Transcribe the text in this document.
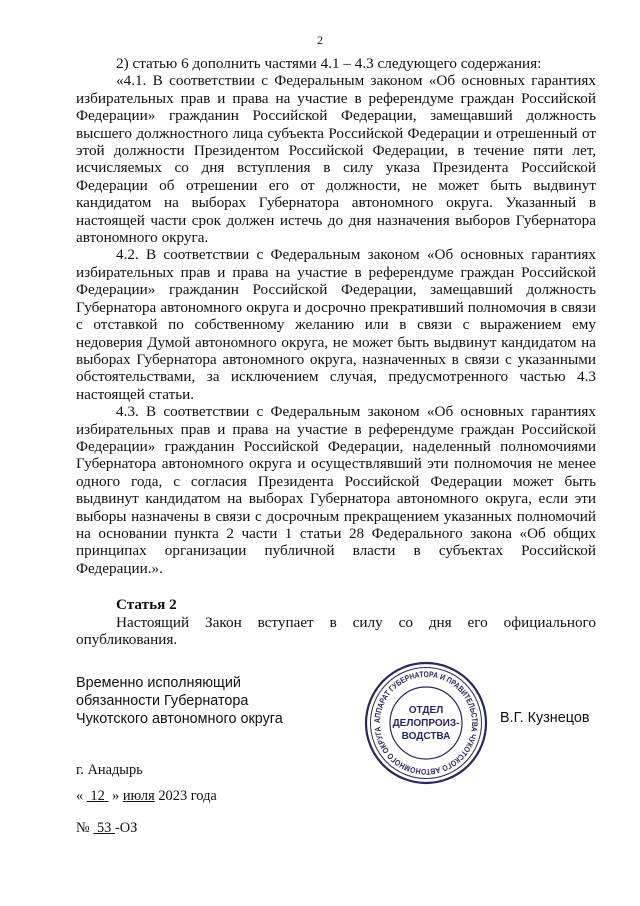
2

2) статью 6 дополнить частями 4.1 – 4.3 следующего содержания:

«4.1. В соответствии с Федеральным законом «Об основных гарантиях избирательных прав и права на участие в референдуме граждан Российской Федерации» гражданин Российской Федерации, замещавший должность высшего должностного лица субъекта Российской Федерации и отрешенный от этой должности Президентом Российской Федерации, в течение пяти лет, исчисляемых со дня вступления в силу указа Президента Российской Федерации об отрешении его от должности, не может быть выдвинут кандидатом на выборах Губернатора автономного округа. Указанный в настоящей части срок должен истечь до дня назначения выборов Губернатора автономного округа.

4.2. В соответствии с Федеральным законом «Об основных гарантиях избирательных прав и права на участие в референдуме граждан Российской Федерации» гражданин Российской Федерации, замещавший должность Губернатора автономного округа и досрочно прекративший полномочия в связи с отставкой по собственному желанию или в связи с выражением ему недоверия Думой автономного округа, не может быть выдвинут кандидатом на выборах Губернатора автономного округа, назначенных в связи с указанными обстоятельствами, за исключением случая, предусмотренного частью 4.3 настоящей статьи.

4.3. В соответствии с Федеральным законом «Об основных гарантиях избирательных прав и права на участие в референдуме граждан Российской Федерации» гражданин Российской Федерации, наделенный полномочиями Губернатора автономного округа и осуществлявший эти полномочия не менее одного года, с согласия Президента Российской Федерации может быть выдвинут кандидатом на выборах Губернатора автономного округа, если эти выборы назначены в связи с досрочным прекращением указанных полномочий на основании пункта 2 части 1 статьи 28 Федерального закона «Об общих принципах организации публичной власти в субъектах Российской Федерации.».

Статья 2

Настоящий Закон вступает в силу со дня его официального опубликования.

Временно исполняющий
обязанности Губернатора
Чукотского автономного округа	В.Г. Кузнецов
АППАРАТ ГУБЕРНАТОРА И ПРАВИТЕЛЬСТВА ЧУКОТСКОГО АВТОНОМНОГО ОКРУГА
ОТДЕЛ
ДЕЛОПРОИЗ-
ВОДСТВА
г. Анадырь
« 12 » июля 2023 года
№ 53 -ОЗ
